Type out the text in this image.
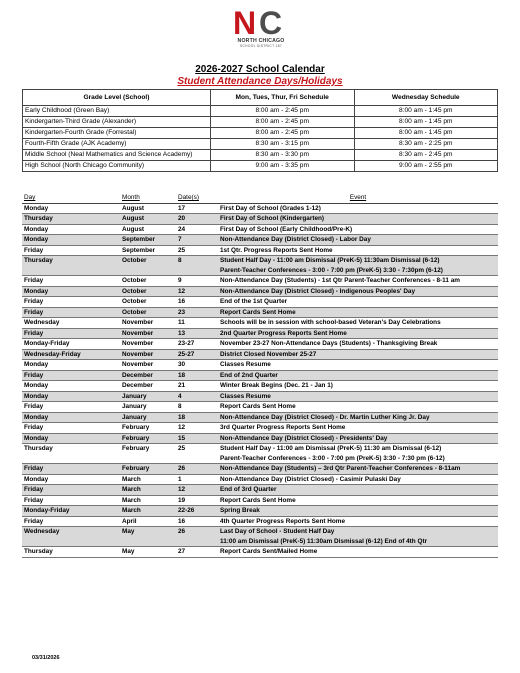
N C
NORTH CHICAGO
SCHOOL DISTRICT 187
2026-2027 School Calendar
Student Attendance Days/Holidays
Grade Level (School)	Mon, Tues, Thur, Fri Schedule	Wednesday Schedule
Early Childhood (Green Bay)	8:00 am - 2:45 pm	8:00 am - 1:45 pm
Kindergarten-Third Grade (Alexander)	8:00 am - 2:45 pm	8:00 am - 1:45 pm
Kindergarten-Fourth Grade (Forrestal)	8:00 am - 2:45 pm	8:00 am - 1:45 pm
Fourth-Fifth Grade (AJK Academy)	8:30 am - 3:15 pm	8:30 am - 2:25 pm
Middle School (Neal Mathematics and Science Academy)	8:30 am - 3:30 pm	8:30 am - 2:45 pm
High School (North Chicago Community)	9:00 am - 3:35 pm	9:00 am - 2:55 pm
Day	Month	Date(s)	Event
Monday	August	17	First Day of School (Grades 1-12)

Thursday	August	20	First Day of School (Kindergarten)

Monday	August	24	First Day of School (Early Childhood/Pre-K)

Monday	September	7	Non-Attendance Day (District Closed) - Labor Day

Friday	September	25	1st Qtr. Progress Reports Sent Home

Thursday	October	8	Student Half Day - 11:00 am Dismissal (PreK-5) 11:30am Dismissal (6-12)
Parent-Teacher Conferences - 3:00 - 7:00 pm (PreK-5) 3:30 - 7:30pm (6-12)

Friday	October	9	Non-Attendance Day (Students) - 1st Qtr Parent-Teacher Conferences - 8-11 am

Monday	October	12	Non-Attendance Day (District Closed) - Indigenous Peoples' Day

Friday	October	16	End of the 1st Quarter

Friday	October	23	Report Cards Sent Home

Wednesday	November	11	Schools will be in session with school-based Veteran's Day Celebrations

Friday	November	13	2nd Quarter Progress Reports Sent Home

Monday-Friday	November	23-27	November 23-27 Non-Attendance Days (Students) - Thanksgiving Break

Wednesday-Friday	November	25-27	District Closed November 25-27

Monday	November	30	Classes Resume

Friday	December	18	End of 2nd Quarter

Monday	December	21	Winter Break Begins (Dec. 21 - Jan 1)

Monday	January	4	Classes Resume

Friday	January	8	Report Cards Sent Home

Monday	January	18	Non-Attendance Day (District Closed) - Dr. Martin Luther King Jr. Day

Friday	February	12	3rd Quarter Progress Reports Sent Home

Monday	February	15	Non-Attendance Day (District Closed) - Presidents' Day

Thursday	February	25	Student Half Day - 11:00 am Dismissal (PreK-5) 11:30 am Dismissal (6-12)
Parent-Teacher Conferences - 3:00 - 7:00 pm (PreK-5) 3:30 - 7:30 pm (6-12)

Friday	February	26	Non-Attendance Day (Students) – 3rd Qtr Parent-Teacher Conferences - 8-11am

Monday	March	1	Non-Attendance Day (District Closed) - Casimir Pulaski Day

Friday	March	12	End of 3rd Quarter

Friday	March	19	Report Cards Sent Home

Monday-Friday	March	22-26	Spring Break

Friday	April	16	4th Quarter Progress Reports Sent Home

Wednesday	May	26	Last Day of School - Student Half Day
11:00 am Dismissal (PreK-5) 11:30am Dismissal (6-12) End of 4th Qtr

Thursday	May	27	Report Cards Sent/Mailed Home
03/31/2026
